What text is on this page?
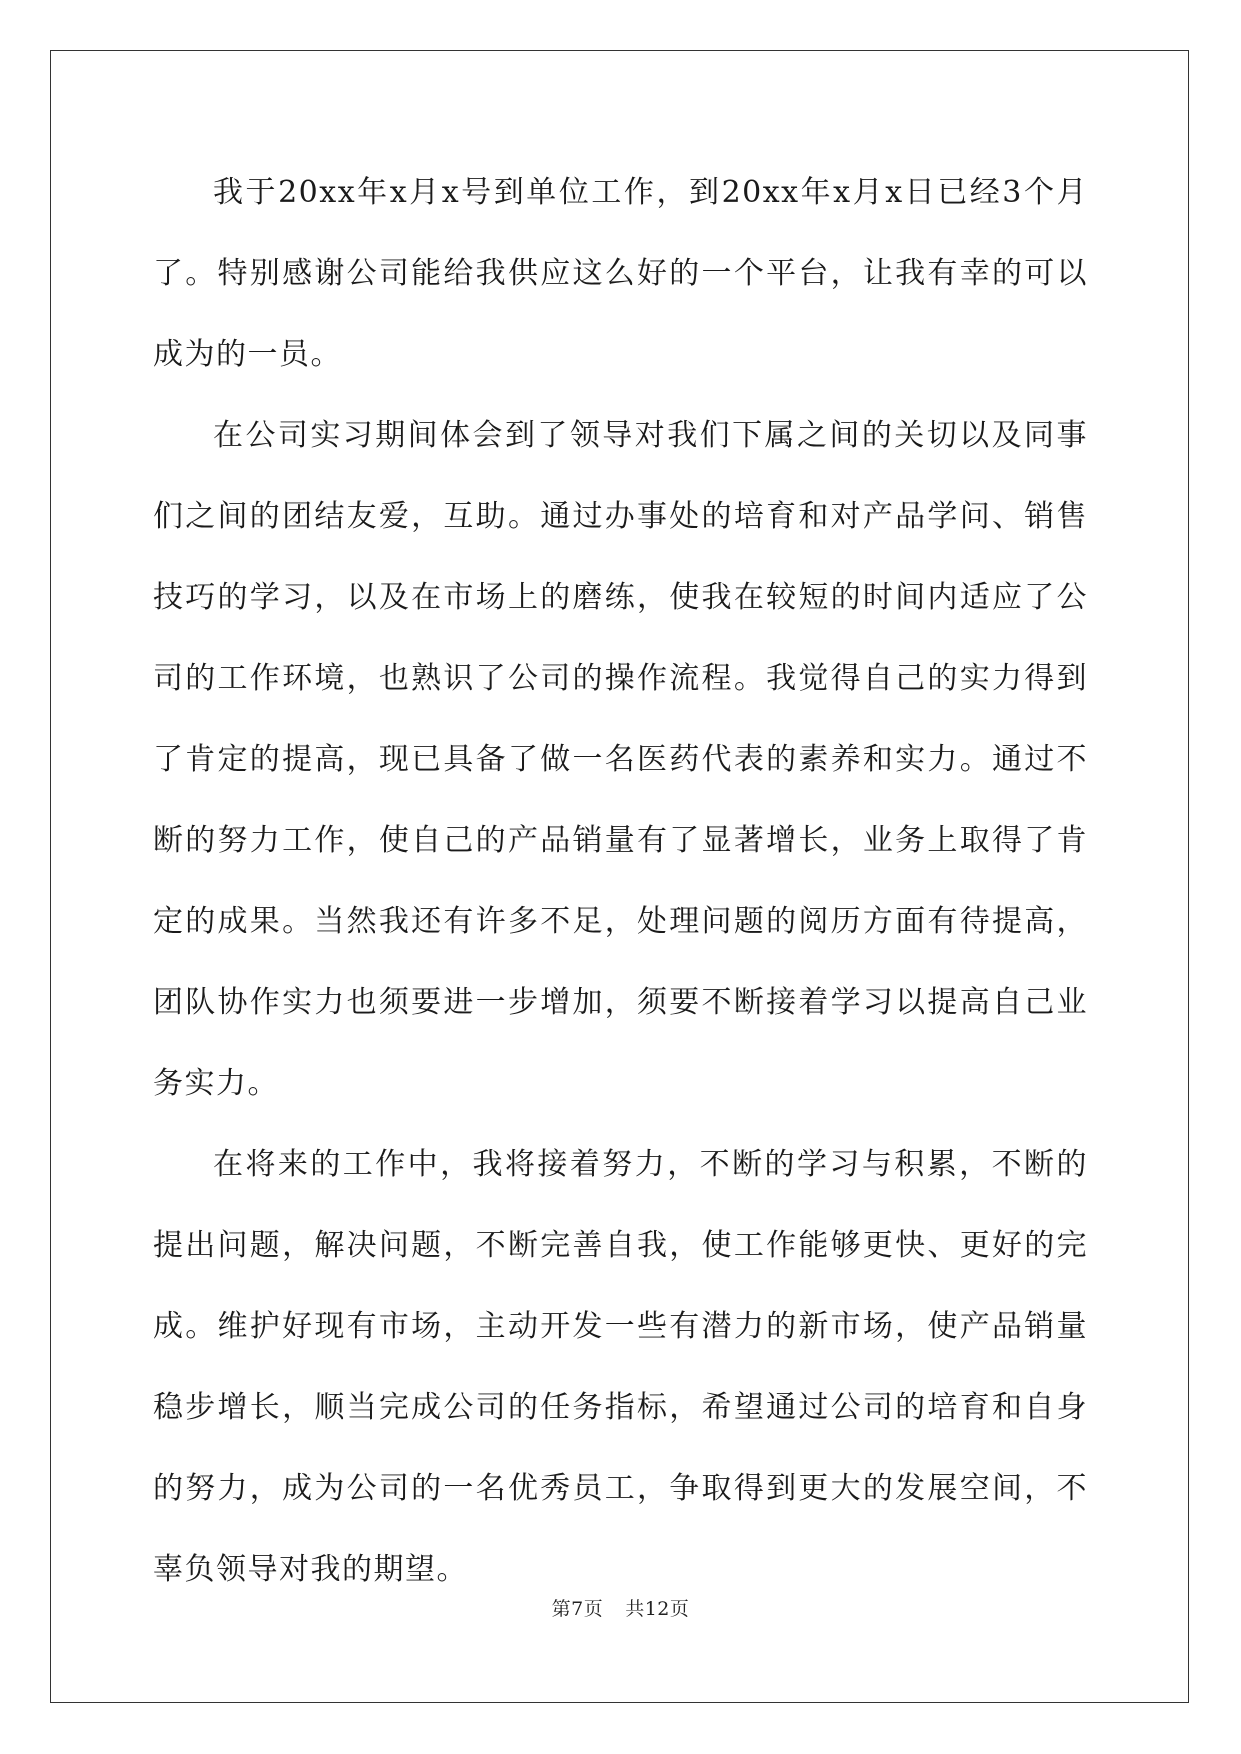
我于20xx年x月x号到单位工作，到20xx年x月x日已经3个月了。特别感谢公司能给我供应这么好的一个平台，让我有幸的可以成为的一员。

在公司实习期间体会到了领导对我们下属之间的关切以及同事们之间的团结友爱，互助。通过办事处的培育和对产品学问、销售技巧的学习，以及在市场上的磨练，使我在较短的时间内适应了公司的工作环境，也熟识了公司的操作流程。我觉得自己的实力得到了肯定的提高，现已具备了做一名医药代表的素养和实力。通过不断的努力工作，使自己的产品销量有了显著增长，业务上取得了肯定的成果。当然我还有许多不足，处理问题的阅历方面有待提高，团队协作实力也须要进一步增加，须要不断接着学习以提高自己业务实力。

在将来的工作中，我将接着努力，不断的学习与积累，不断的提出问题，解决问题，不断完善自我，使工作能够更快、更好的完成。维护好现有市场，主动开发一些有潜力的新市场，使产品销量稳步增长，顺当完成公司的任务指标，希望通过公司的培育和自身的努力，成为公司的一名优秀员工，争取得到更大的发展空间，不辜负领导对我的期望。

第7页 共12页
